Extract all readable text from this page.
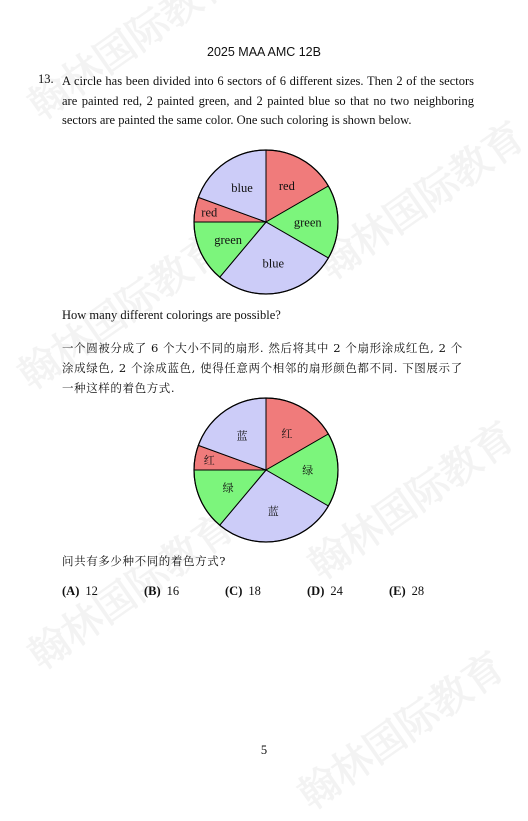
2025 MAA AMC 12B
13. A circle has been divided into 6 sectors of 6 different sizes. Then 2 of the sectors are painted red, 2 painted green, and 2 painted blue so that no two neighboring sectors are painted the same color. One such coloring is shown below.
red
green
blue
green
red
blue
How many different colorings are possible?
一个圆被分成了 6 个大小不同的扇形. 然后将其中 2 个扇形涂成红色, 2 个涂成绿色, 2 个涂成蓝色, 使得任意两个相邻的扇形颜色都不同. 下图展示了一种这样的着色方式.
红
绿
蓝
绿
红
蓝
问共有多少种不同的着色方式?
(A) 12	(B) 16	(C) 18	(D) 24	(E) 28
5
